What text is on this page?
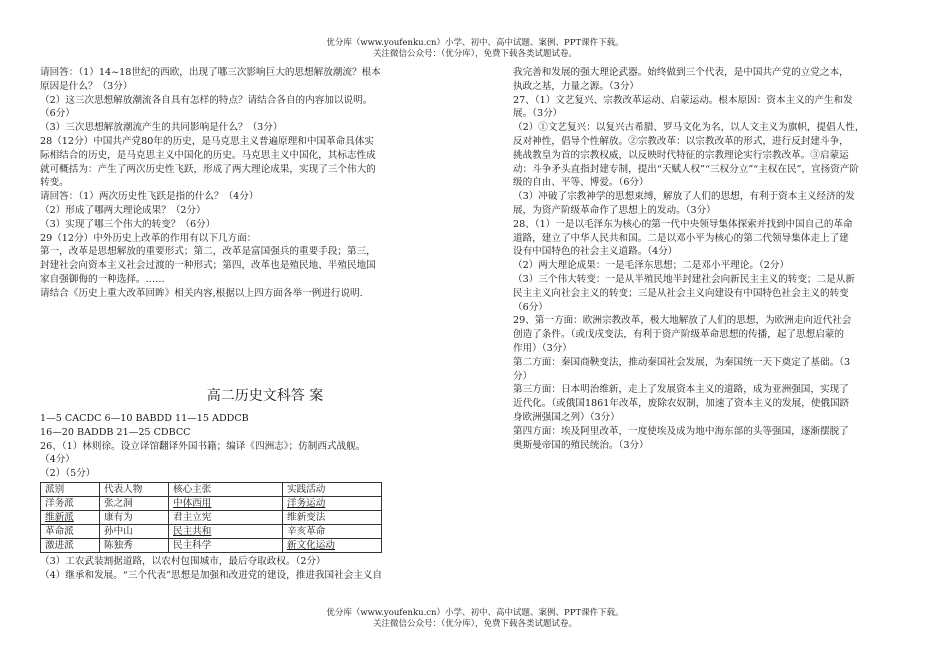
优分库（www.youfenku.cn）小学、初中、高中试题、案例、PPT课件下载。
关注微信公众号：（优分库），免费下载各类试题试卷。

请回答：（1）14~18世纪的西欧，出现了哪三次影响巨大的思想解放潮流？根本

原因是什么？（3分）

（2）这三次思想解放潮流各自具有怎样的特点？请结合各自的内容加以说明。

（6分）

（3）三次思想解放潮流产生的共同影响是什么？（3分）

28（12分）中国共产党80年的历史，是马克思主义普遍原理和中国革命具体实

际相结合的历史，是马克思主义中国化的历史。马克思主义中国化，其标志性成

就可概括为：产生了两次历史性飞跃，形成了两大理论成果，实现了三个伟大的

转变。

请回答：（1）两次历史性飞跃是指的什么？（4分）

（2）形成了哪两大理论成果？（2分）

（3）实现了哪三个伟大的转变？（6分）

29（12分）中外历史上改革的作用有以下几方面：

第一，改革是思想解放的重要形式；第二，改革是富国强兵的重要手段；第三，

封建社会向资本主义社会过渡的一种形式；第四，改革也是殖民地、半殖民地国

家自强御侮的一种选择。……

请结合《历史上重大改革回眸》相关内容,根据以上四方面各举一例进行说明.

高二历史文科答 案

1—5 CACDC 6—10 BABDD 11—15 ADDCB

16—20 BADDB 21—25 CDBCC

26、（1）林则徐。设立译馆翻译外国书籍；编译《四洲志》；仿制西式战舰。

（4分）

（2）（5分）

派别	代表人物	核心主张	实践活动
洋务派	张之洞	中体西用	洋务运动
维新派	康有为	君主立宪	维新变法
革命派	孙中山	民主共和	辛亥革命
激进派	陈独秀	民主科学	新文化运动

（3）工农武装割据道路，以农村包围城市，最后夺取政权。（2分）

（4）继承和发展。“三个代表”思想是加强和改进党的建设，推进我国社会主义自

我完善和发展的强大理论武器。始终做到三个代表，是中国共产党的立党之本，

执政之基，力量之源。（3分）

27、（1）文艺复兴、宗教改革运动、启蒙运动。根本原因：资本主义的产生和发

展。（3分）

（2）①文艺复兴：以复兴古希腊、罗马文化为名，以人文主义为旗帜，提倡人性，

反对神性，倡导个性解放。②宗教改革：以宗教改革的形式，进行反封建斗争，

挑战教皇为首的宗教权威，以反映时代特征的宗教理论实行宗教改革。③启蒙运

动：斗争矛头直指封建专制，提出“天赋人权”“三权分立”“主权在民”，宣扬资产阶

级的自由、平等、博爱。（6分）

（3）冲破了宗教神学的思想束缚，解放了人们的思想，有利于资本主义经济的发

展，为资产阶级革命作了思想上的发动。（3分）

28、（1）一是以毛泽东为核心的第一代中央领导集体探索并找到中国自己的革命

道路，建立了中华人民共和国。二是以邓小平为核心的第二代领导集体走上了建

设有中国特色的社会主义道路。（4分）

（2）两大理论成果：一是毛泽东思想；二是邓小平理论。（2分）

（3）三个伟大转变：一是从半殖民地半封建社会向新民主主义的转变；二是从新

民主主义向社会主义的转变；三是从社会主义向建设有中国特色社会主义的转变

（6分）

29、第一方面：欧洲宗教改革，极大地解放了人们的思想，为欧洲走向近代社会

创造了条件。（或戊戌变法，有利于资产阶级革命思想的传播，起了思想启蒙的

作用）（3分）

第二方面：秦国商鞅变法，推动秦国社会发展，为秦国统一天下奠定了基础。（3

分）

第三方面：日本明治维新，走上了发展资本主义的道路，成为亚洲强国，实现了

近代化。（或俄国1861年改革，废除农奴制，加速了资本主义的发展，使俄国跻

身欧洲强国之列）（3分）

第四方面：埃及阿里改革，一度使埃及成为地中海东部的头等强国，逐渐摆脱了

奥斯曼帝国的殖民统治。（3分）

优分库（www.youfenku.cn）小学、初中、高中试题、案例、PPT课件下载。
关注微信公众号：（优分库），免费下载各类试题试卷。
